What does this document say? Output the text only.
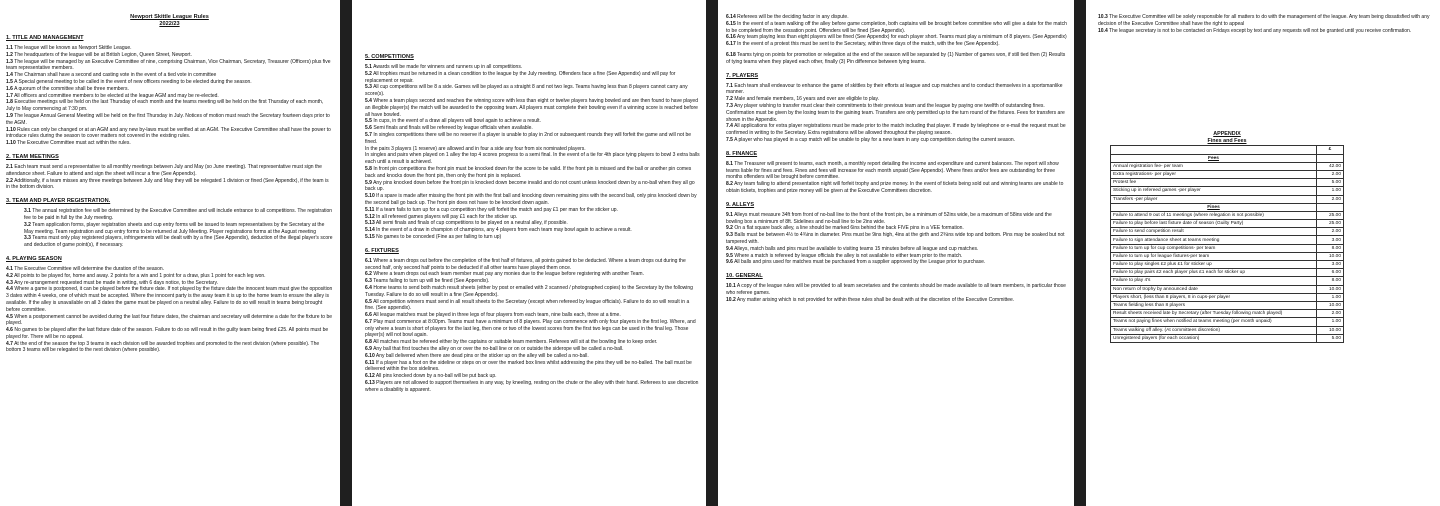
Newport Skittle League Rules
2022/23
1. TITLE AND MANAGEMENT

1.1 The league will be known as Newport Skittle League.

1.2 The headquarters of the league will be at British Legion, Queen Street, Newport.

1.3 The league will be managed by an Executive Committee of nine, comprising Chairman, Vice Chairman, Secretary, Treasurer (Officers) plus five team representative members.

1.4 The Chairman shall have a second and casting vote in the event of a tied vote in committee

1.5 A Special general meeting to be called in the event of new officers needing to be elected during the season.

1.6 A quorum of the committee shall be three members.

1.7 All officers and committee members to be elected at the league AGM and may be re-elected.

1.8 Executive meetings will be held on the last Thursday of each month and the teams meeting will be held on the first Thursday of each month, July to May commencing at 7:30 pm.

1.9 The league Annual General Meeting will be held on the first Thursday in July. Notices of motion must reach the Secretary fourteen days prior to the AGM.

1.10 Rules can only be changed or at an AGM and any new by-laws must be verified at an AGM. The Executive Committee shall have the power to introduce rules during the season to cover matters not covered in the existing rules.

1.10 The Executive Committee must act within the rules.

2. TEAM MEETINGS

2.1 Each team must send a representative to all monthly meetings between July and May (so June meeting). That representative must sign the attendance sheet. Failure to attend and sign the sheet will incur a fine (See Appendix).

2.2 Additionally, if a team misses any three meetings between July and May they will be relegated 1 division or fined (See Appendix), if the team is in the bottom division.

3. TEAM AND PLAYER REGISTRATION.

3.1 The annual registration fee will be determined by the Executive Committee and will include entrance to all competitions. The registration fee to be paid in full by the July meeting.

3.2 Team application forms, player registration sheets and cup entry forms will be issued to team representatives by the Secretary at the May meeting. Team registration and cup entry forms to be returned at July Meeting. Player registrations forms at the August meeting

3.3 Teams must only play registered players, infringements will be dealt with by a fine (See Appendix), deduction of the illegal player's score and deduction of game point(s), if necessary.

4. PLAYING SEASON

4.1 The Executive Committee will determine the duration of the season.

4.2 All points to be played for, home and away. 2 points for a win and 1 point for a draw, plus 1 point for each leg won.

4.3 Any re-arrangement requested must be made in writing, with 6 days notice, to the Secretary.

4.4 Where a game is postponed, it can be played before the fixture date. If not played by the fixture date the innocent team must give the opposition 3 dates within 4 weeks, one of which must be accepted. Where the innocent party is the away team it is up to the home team to ensure the alley is available. If the alley is unavailable on all 3 dates the game must be played on a neutral alley. Failure to do so will result in teams being brought before committee.

4.5 When a postponement cannot be avoided during the last four fixture dates, the chairman and secretary will determine a date for the fixture to be played.

4.6 No games to be played after the last fixture date of the season. Failure to do so will result in the guilty team being fined £25. All points must be played for. There will be no appeal.

4.7 At the end of the season the top 3 teams in each division will be awarded trophies and promoted to the next division (where possible). The bottom 3 teams will be relegated to the next division (where possible).

5. COMPETITIONS

5.1 Awards will be made for winners and runners up in all competitions.

5.2 All trophies must be returned in a clean condition to the league by the July meeting. Offenders face a fine (See Appendix) and will pay for replacement or repair.

5.3 All cup competitions will be 8 a side. Games will be played as a straight 8 and not two legs. Teams having less than 8 players cannot carry any score(s).

5.4 Where a team plays second and reaches the winning score with less than eight or twelve players having bowled and are then found to have played an illegible player(s) the match will be awarded to the opposing team. All players must complete their bowling even if a winning score is reached before all have bowled.

5.5 In cups, in the event of a draw all players will bowl again to achieve a result.

5.6 Semi finals and finals will be refereed by league officials when available.

5.7 In singles competitions there will be no reserve if a player is unable to play in 2nd or subsequent rounds they will forfeit the game and will not be fined.

In the pairs 3 players (1 reserve) are allowed and in four a side any four from six nominated players.

In singles and pairs when played on 1 alley the top 4 scores progress to a semi final. In the event of a tie for 4th place tying players to bowl 3 extra balls each until a result is achieved.

5.8 In front pin competitions the front pin must be knocked down for the score to be valid. If the front pin is missed and the ball or another pin comes back and knocks down the front pin, then only the front pin is replaced.

5.9 Any pins knocked down before the front pin is knocked down become invalid and do not count unless knocked down by a no-ball when they all go back up.

5.10 If a spare is made after missing the front pin with the first ball and knocking down remaining pins with the second ball, only pins knocked down by the second ball go back up. The front pin does not have to be knocked down again.

5.11 If a team fails to turn up for a cup competition they will forfeit the match and pay £1 per man for the sticker up.

5.12 In all refereed games players will pay £1 each for the sticker up.

5.13 All semi finals and finals of cup competitions to be played on a neutral alley, if possible.

5.14 In the event of a draw in champion of champions, any 4 players from each team may bowl again to achieve a result.

5.15 No games to be conceded (Fine as per failing to turn up)

6. FIXTURES

6.1 Where a team drops out before the completion of the first half of fixtures, all points gained to be deducted. Where a team drops out during the second half, only second half points to be deducted if all other teams have played them once.

6.2 Where a team drops out each team member must pay any monies due to the league before registering with another Team.

6.3 Teams failing to turn up will be fined (See Appendix).

6.4 Home teams to send both match result sheets (either by post or emailed with 2 scanned / photographed copies) to the Secretary by the following Tuesday. Failure to do so will result in a fine (See Appendix).

6.5 All competition winners must send in all result sheets to the Secretary (except when refereed by league officials). Failure to do so will result in a fine. (See appendix).

6.6 All league matches must be played in three legs of four players from each team, nine balls each, three at a time.

6.7 Play must commence at 8:00pm. Teams must have a minimum of 8 players. Play can commence with only four players in the first leg. Where, and only where a team is short of players for the last leg, then one or two of the lowest scores from the first two legs can be used in the final leg. Those player(s) will not bowl again.

6.8 All matches must be refereed either by the captains or suitable team members. Referees will sit at the bowling line to keep order.

6.9 Any ball that first touches the alley on or over the no-ball line or on or outside the siderope will be called a no-ball.

6.10 Any ball delivered when there are dead pins or the sticker up on the alley will be called a no-ball.

6.11 If a player has a foot on the sideline or steps on or over the marked box lines whilst addressing the pins they will be no-balled. The ball must be delivered within the box sidelines.

6.12 All pins knocked down by a no-ball will be put back up.

6.13 Players are not allowed to support themselves in any way, by kneeling, resting on the chute or the alley with their hand. Referees to use discretion where a disability is apparent.

6.14 Referees will be the deciding factor in any dispute.

6.15 In the event of a team walking off the alley before game completion, both captains will be brought before committee who will give a date for the match to be completed from the cessation point. Offenders will be fined (See Appendix).

6.16 Any team playing less than eight players will be fined (See Appendix) for each player short. Teams must play a minimum of 8 players. (See Appendix)

6.17 In the event of a protest this must be sent to the Secretary, within three days of the match, with the fee (See Appendix).

6.18 Teams tying on points for promotion or relegation at the end of the season will be separated by (1) Number of games won, if still tied then (2) Results of tying teams when they played each other, finally (3) Pin difference between tying teams.

7. PLAYERS

7.1 Each team shall endeavour to enhance the game of skittles by their efforts at league and cup matches and to conduct themselves in a sportsmanlike manner.

7.2 Male and female members, 16 years and over are eligible to play.

7.3 Any player wishing to transfer must clear their commitments to their previous team and the league by paying one twelfth of outstanding fines. Confirmation must be given by the losing team to the gaining team. Transfers are only permitted up to the turn round of the fixtures. Fees for transfers are shown in the Appendix.

7.4 All applications for extra player registrations must be made prior to the match including that player. If made by telephone or e-mail the request must be confirmed in writing to the Secretary. Extra registrations will be allowed throughout the playing season.

7.5 A player who has played in a cup match will be unable to play for a new team in any cup competition during the current season.

8. FINANCE

8.1 The Treasurer will present to teams, each month, a monthly report detailing the income and expenditure and current balances. The report will show teams liable for fines and fees. Fines and fees will increase for each month unpaid (See Appendix). Where fines and/or fees are outstanding for three months offenders will be brought before committee.

8.2 Any team failing to attend presentation night will forfeit trophy and prize money. In the event of tickets being sold out and winning teams are unable to obtain tickets, trophies and prize money will be given at the Executive Committees discretion.

9. ALLEYS

9.1 Alleys must measure 34ft from front of no-ball line to the front of the front pin, be a minimum of 52ins wide, be a maximum of 58ins wide and the bowling box a minimum of 8ft. Sidelines and no-ball line to be 2ins wide.

9.2 On a flat square back alley, a line should be marked 6ins behind the back FIVE pins in a VEE formation.

9.3 Balls must be between 4½ to 4¾ins in diameter. Pins must be 9ins high, 4ins at the girth and 2¾ins wide top and bottom. Pins may be soaked but not tampered with.

9.4 Alleys, match balls and pins must be available to visiting teams 15 minutes before all league and cup matches.

9.5 Where a match is refereed by league officials the alley is not available to either team prior to the match.

9.6 All balls and pins used for matches must be purchased from a supplier approved by the League prior to purchase.

10. GENERAL

10.1 A copy of the league rules will be provided to all team secretaries and the contents should be made available to all team members, in particular those who referee games.

10.2 Any matter arising which is not provided for within these rules shall be dealt with at the discretion of the Executive Committee.

10.3 The Executive Committee will be solely responsible for all matters to do with the management of the league. Any team being dissatisfied with any decision of the Executive Committee shall have the right to appeal

10.4 The league secretary is not to be contacted on Fridays except by text and any requests will not be granted until you receive confirmation.

APPENDIX
Fines and Fees
	£
Fees	
Annual registration fee- per team	42.00
Extra registrations- per player	2.00
Protest fee	5.00
Sticking up in refereed games -per player	1.00
Transfers -per player	2.00
Fines	
Failure to attend 9 out of 11 meetings (where relegation is not possible)	25.00
Failure to play before last fixture date of season (Guilty Party)	25.00
Failure to send competition result	2.00
Failure to sign attendance sheet at teams meeting	3.00
Failure to turn up for cup competitions- per team	8.00
Failure to turn up for league fixtures-per team	10.00
Failure to play singles £2 plus £1 for sticker up	3.00
Failure to play pairs £2 each player plus £1 each for sticker up	6.00
Failure to play 4's	8.00
Non return of trophy by announced date	10.00
Players short, (less than 8 players, 8 in cups-per player	1.00
Teams fielding less than 8 players	10.00
Result sheets received late by Secretary (after Tuesday following match played)	2.00
Teams not paying fines when notified at teams meeting (per month unpaid)	1.00
Teams walking off alley. (At committees discretion)	10.00
Unregistered players (for each occasion)	5.00
